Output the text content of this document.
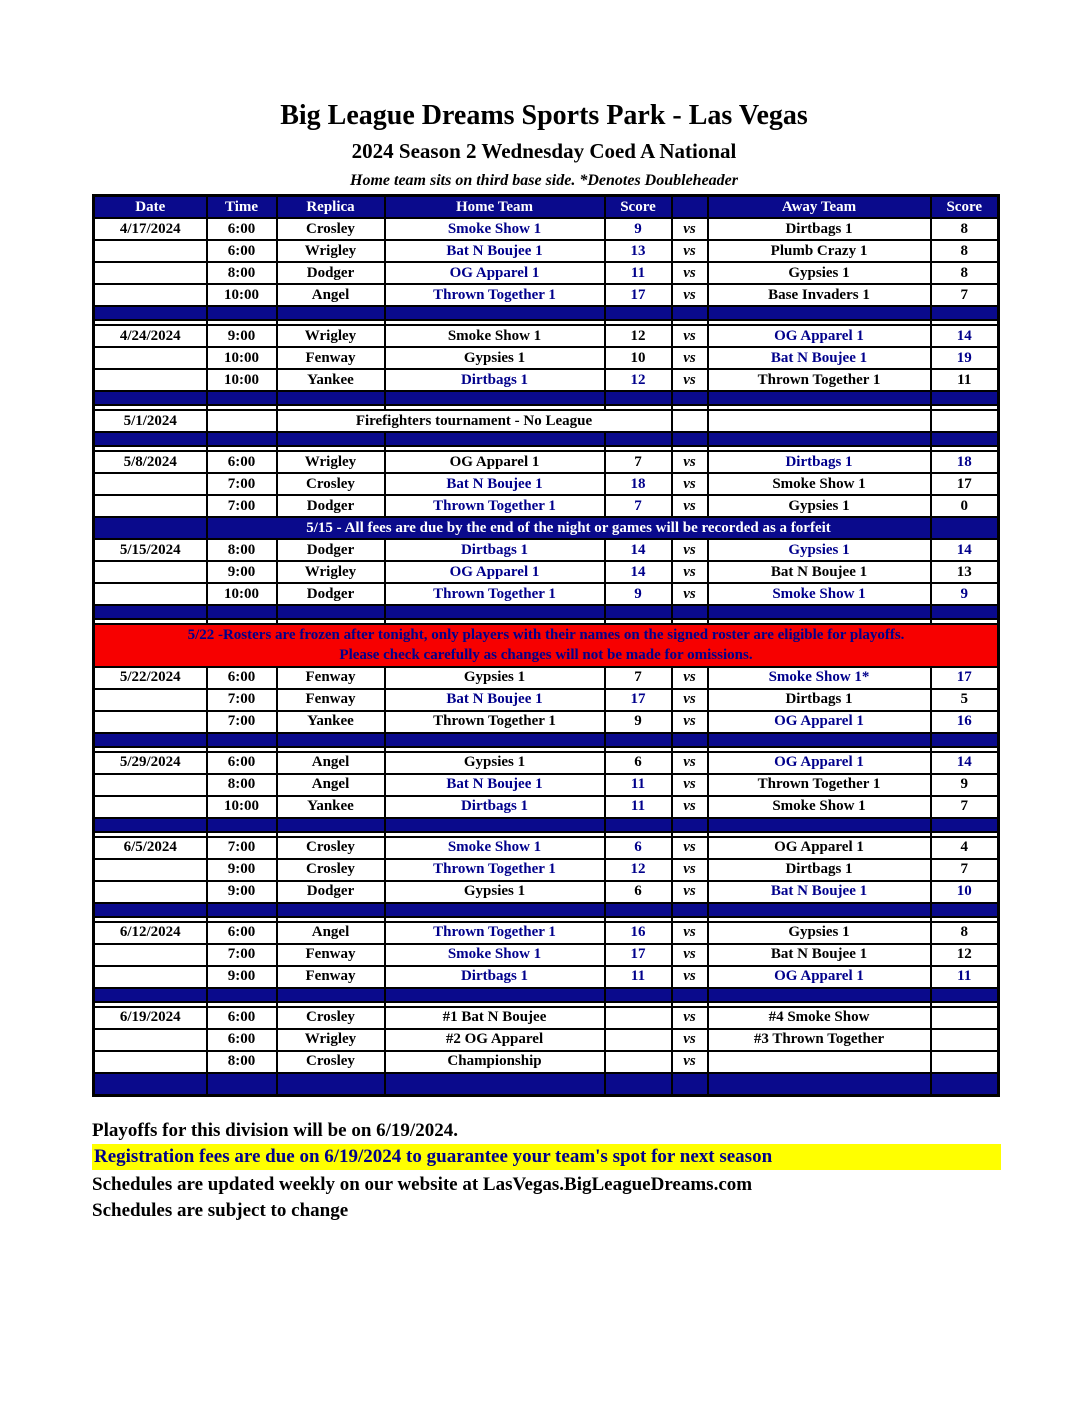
Big League Dreams Sports Park - Las Vegas
2024 Season 2 Wednesday Coed A National
Home team sits on third base side. *Denotes Doubleheader
Date	Time	Replica	Home Team	Score		Away Team	Score
4/17/2024	6:00	Crosley	Smoke Show 1	9	vs	Dirtbags 1	8
	6:00	Wrigley	Bat N Boujee 1	13	vs	Plumb Crazy 1	8
	8:00	Dodger	OG Apparel 1	11	vs	Gypsies 1	8
	10:00	Angel	Thrown Together 1	17	vs	Base Invaders 1	7

4/24/2024	9:00	Wrigley	Smoke Show 1	12	vs	OG Apparel 1	14
	10:00	Fenway	Gypsies 1	10	vs	Bat N Boujee 1	19
	10:00	Yankee	Dirtbags 1	12	vs	Thrown Together 1	11

5/1/2024		Firefighters tournament - No League					

5/8/2024	6:00	Wrigley	OG Apparel 1	7	vs	Dirtbags 1	18
	7:00	Crosley	Bat N Boujee 1	18	vs	Smoke Show 1	17
	7:00	Dodger	Thrown Together 1	7	vs	Gypsies 1	0
	5/15 - All fees are due by the end of the night or games will be recorded as a forfeit						
5/15/2024	8:00	Dodger	Dirtbags 1	14	vs	Gypsies 1	14
	9:00	Wrigley	OG Apparel 1	14	vs	Bat N Boujee 1	13
	10:00	Dodger	Thrown Together 1	9	vs	Smoke Show 1	9

5/22 -Rosters are frozen after tonight, only players with their names on the signed roster are eligible for playoffs.
Please check carefully as changes will not be made for omissions.							

5/22/2024	6:00	Fenway	Gypsies 1	7	vs	Smoke Show 1*	17
	7:00	Fenway	Bat N Boujee 1	17	vs	Dirtbags 1	5
	7:00	Yankee	Thrown Together 1	9	vs	OG Apparel 1	16

5/29/2024	6:00	Angel	Gypsies 1	6	vs	OG Apparel 1	14
	8:00	Angel	Bat N Boujee 1	11	vs	Thrown Together 1	9
	10:00	Yankee	Dirtbags 1	11	vs	Smoke Show 1	7

6/5/2024	7:00	Crosley	Smoke Show 1	6	vs	OG Apparel 1	4
	9:00	Crosley	Thrown Together 1	12	vs	Dirtbags 1	7
	9:00	Dodger	Gypsies 1	6	vs	Bat N Boujee 1	10

6/12/2024	6:00	Angel	Thrown Together 1	16	vs	Gypsies 1	8
	7:00	Fenway	Smoke Show 1	17	vs	Bat N Boujee 1	12
	9:00	Fenway	Dirtbags 1	11	vs	OG Apparel 1	11

6/19/2024	6:00	Crosley	#1 Bat N Boujee		vs	#4 Smoke Show	
	6:00	Wrigley	#2 OG Apparel		vs	#3 Thrown Together	
	8:00	Crosley	Championship		vs		

Playoffs for this division will be on 6/19/2024.
Registration fees are due on 6/19/2024 to guarantee your team's spot for next season
Schedules are updated weekly on our website at LasVegas.BigLeagueDreams.com
Schedules are subject to change
